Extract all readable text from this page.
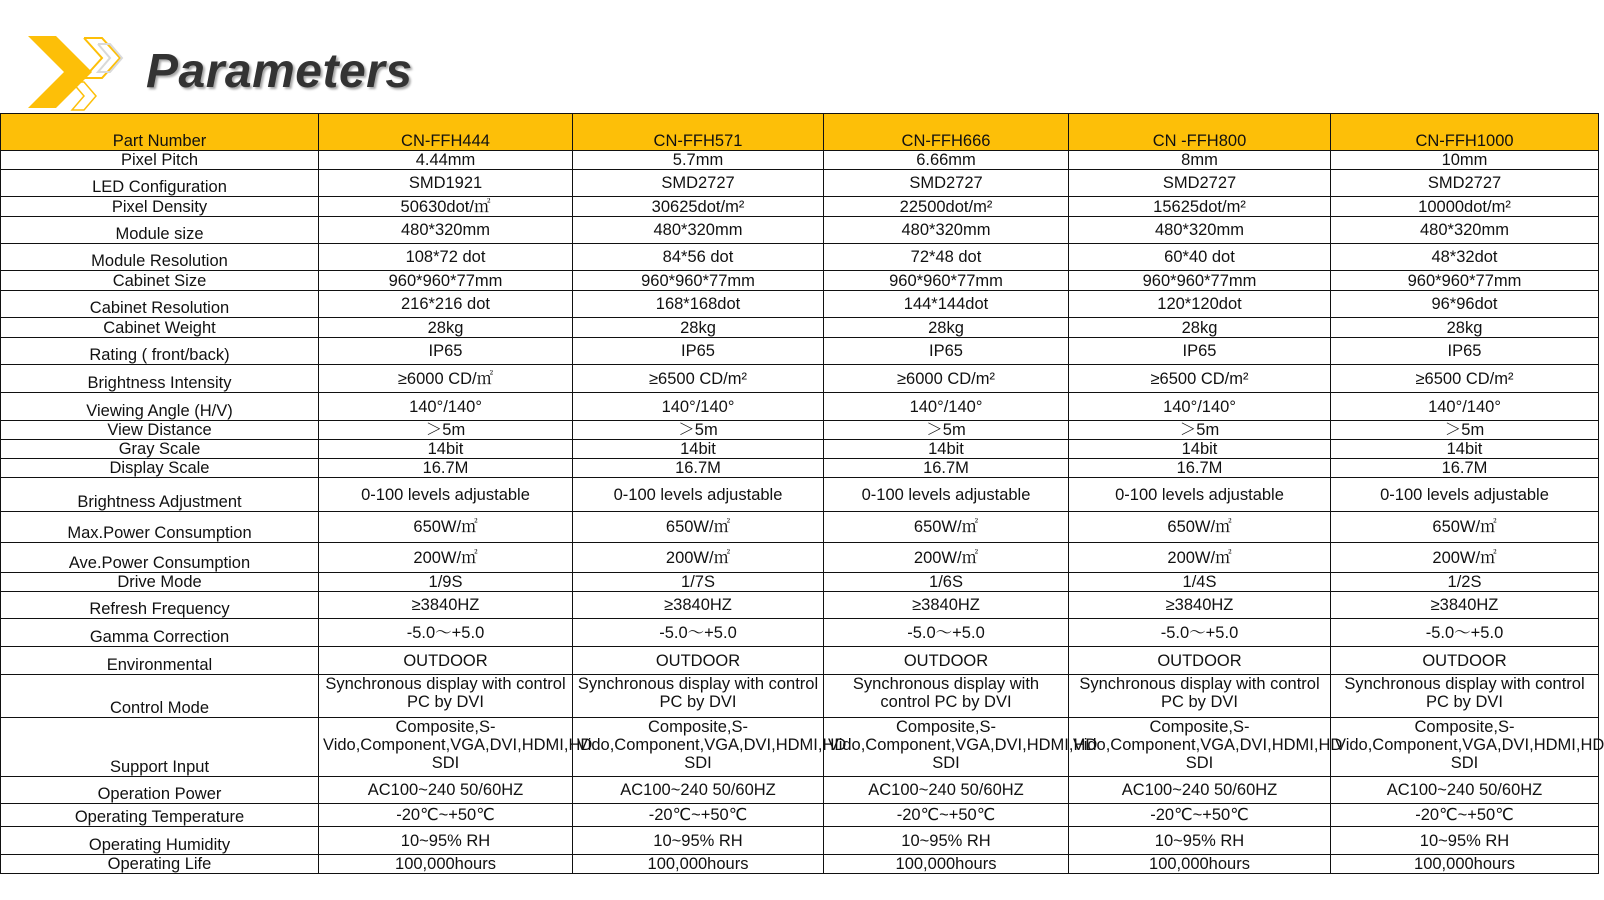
Parameters
Part Number	CN-FFH444	CN-FFH571	CN-FFH666	CN -FFH800	CN-FFH1000
Pixel Pitch	4.44mm	5.7mm	6.66mm	8mm	10mm
LED Configuration	SMD1921	SMD2727	SMD2727	SMD2727	SMD2727
Pixel Density	50630dot/㎡	30625dot/m²	22500dot/m²	15625dot/m²	10000dot/m²
Module size	480*320mm	480*320mm	480*320mm	480*320mm	480*320mm
Module Resolution	108*72 dot	84*56 dot	72*48 dot	60*40 dot	48*32dot
Cabinet Size	960*960*77mm	960*960*77mm	960*960*77mm	960*960*77mm	960*960*77mm
Cabinet Resolution	216*216 dot	168*168dot	144*144dot	120*120dot	96*96dot
Cabinet Weight	28kg	28kg	28kg	28kg	28kg
Rating ( front/back)	IP65	IP65	IP65	IP65	IP65
Brightness Intensity	≥6000 CD/㎡	≥6500 CD/m²	≥6000 CD/m²	≥6500 CD/m²	≥6500 CD/m²
Viewing Angle (H/V)	140°/140°	140°/140°	140°/140°	140°/140°	140°/140°
View Distance	＞5m	＞5m	＞5m	＞5m	＞5m
Gray Scale	14bit	14bit	14bit	14bit	14bit
Display Scale	16.7M	16.7M	16.7M	16.7M	16.7M
Brightness Adjustment	0-100 levels adjustable	0-100 levels adjustable	0-100 levels adjustable	0-100 levels adjustable	0-100 levels adjustable
Max.Power Consumption	650W/㎡	650W/㎡	650W/㎡	650W/㎡	650W/㎡
Ave.Power Consumption	200W/㎡	200W/㎡	200W/㎡	200W/㎡	200W/㎡
Drive Mode	1/9S	1/7S	1/6S	1/4S	1/2S
Refresh Frequency	≥3840HZ	≥3840HZ	≥3840HZ	≥3840HZ	≥3840HZ
Gamma Correction	-5.0～+5.0	-5.0～+5.0	-5.0～+5.0	-5.0～+5.0	-5.0～+5.0
Environmental	OUTDOOR	OUTDOOR	OUTDOOR	OUTDOOR	OUTDOOR
Control Mode	Synchronous display with control PC by DVI	Synchronous display with control PC by DVI	Synchronous display with control PC by DVI	Synchronous display with control PC by DVI	Synchronous display with control PC by DVI
Support Input	Composite,S-Vido,Component,VGA,DVI,HDMI,HD SDI	Composite,S-Vido,Component,VGA,DVI,HDMI,HD SDI	Composite,S-Vido,Component,VGA,DVI,HDMI,HD SDI	Composite,S-Vido,Component,VGA,DVI,HDMI,HD SDI	Composite,S-Vido,Component,VGA,DVI,HDMI,HD SDI
Operation Power	AC100~240 50/60HZ	AC100~240 50/60HZ	AC100~240 50/60HZ	AC100~240 50/60HZ	AC100~240 50/60HZ
Operating Temperature	-20℃~+50℃	-20℃~+50℃	-20℃~+50℃	-20℃~+50℃	-20℃~+50℃
Operating Humidity	10~95% RH	10~95% RH	10~95% RH	10~95% RH	10~95% RH
Operating Life	100,000hours	100,000hours	100,000hours	100,000hours	100,000hours
